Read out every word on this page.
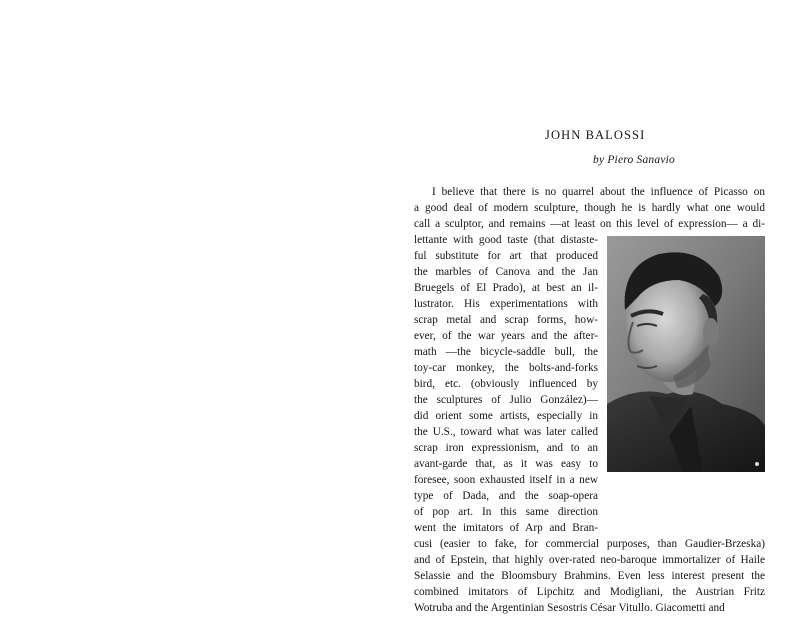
JOHN BALOSSI
by Piero Sanavio
I believe that there is no quarrel about the influence of Picasso on
a good deal of modern sculpture, though he is hardly what one would
call a sculptor, and remains —at least on this level of expression— a di-
lettante with good taste (that distaste-
ful substitute for art that produced
the marbles of Canova and the Jan
Bruegels of El Prado), at best an il-
lustrator. His experimentations with
scrap metal and scrap forms, how-
ever, of the war years and the after-
math —the bicycle-saddle bull, the
toy-car monkey, the bolts-and-forks
bird, etc. (obviously influenced by
the sculptures of Julio González)—
did orient some artists, especially in
the U.S., toward what was later called
scrap iron expressionism, and to an
avant-garde that, as it was easy to
foresee, soon exhausted itself in a new
type of Dada, and the soap-opera
of pop art. In this same direction
went the imitators of Arp and Bran-
cusi (easier to fake, for commercial purposes, than Gaudier-Brzeska)
and of Epstein, that highly over-rated neo-baroque immortalizer of Haile
Selassie and the Bloomsbury Brahmins. Even less interest present the
combined imitators of Lipchitz and Modigliani, the Austrian Fritz
Wotruba and the Argentinian Sesostris César Vitullo. Giacometti and
